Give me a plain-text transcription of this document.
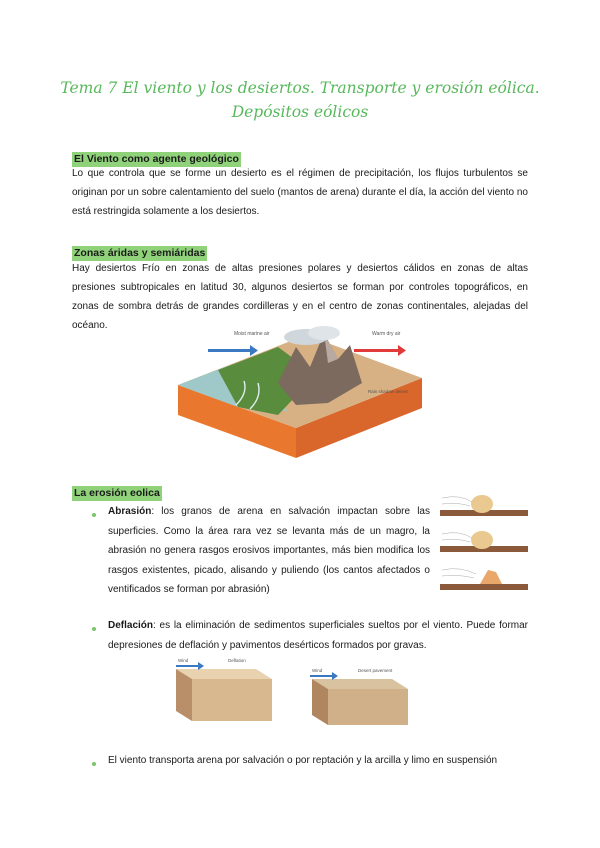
Tema 7 El viento y los desiertos. Transporte y erosión eólica. Depósitos eólicos
El Viento como agente geológico
Lo que controla que se forme un desierto es el régimen de precipitación, los flujos turbulentos se originan por un sobre calentamiento del suelo (mantos de arena) durante el día, la acción del viento no está restringida solamente a los desiertos.
Zonas áridas y semiáridas
Hay desiertos Frío en zonas de altas presiones polares y desiertos cálidos en zonas de altas presiones subtropicales en latitud 30, algunos desiertos se forman por controles topográficos, en zonas de sombra detrás de grandes cordilleras y en el centro de zonas continentales, alejadas del océano.
Moist marine air	Warm dry air
Rain shadow desert
La erosión eolica
Abrasión: los granos de arena en salvación impactan sobre las superficies. Como la área rara vez se levanta más de un magro, la abrasión no genera rasgos erosivos importantes, más bien modifica los rasgos existentes, picado, alisando y puliendo (los cantos afectados o ventificados se forman por abrasión)
Deflación: es la eliminación de sedimentos superficiales sueltos por el viento. Puede formar depresiones de deflación y pavimentos desérticos formados por gravas.
Wind
Wind
Deflation
Desert pavement
El viento transporta arena por salvación o por reptación y la arcilla y limo en suspensión
